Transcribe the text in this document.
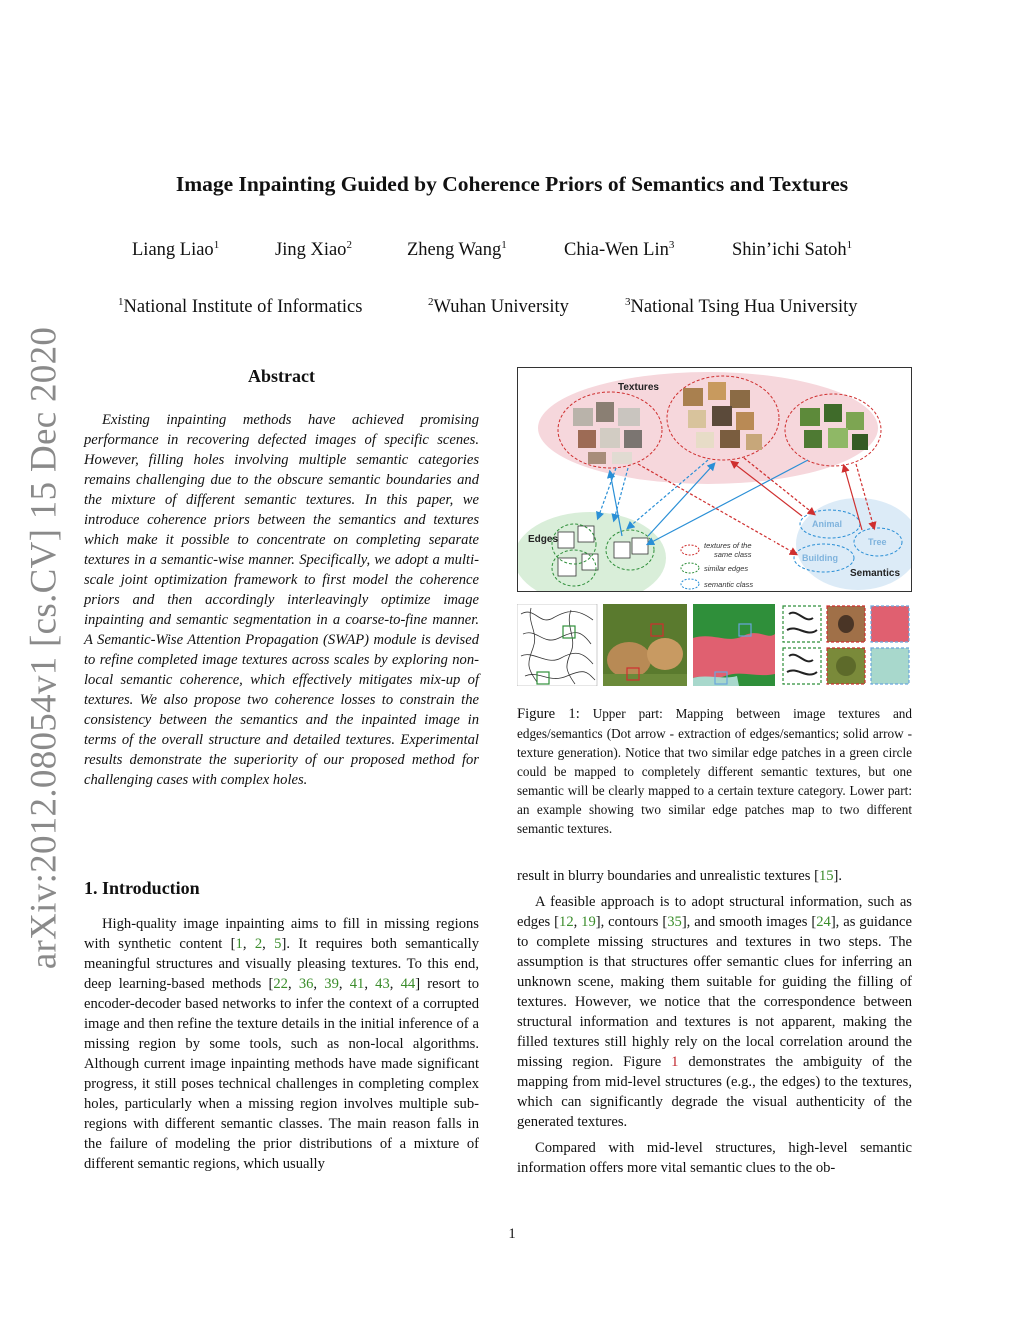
arXiv:2012.08054v1 [cs.CV] 15 Dec 2020
Image Inpainting Guided by Coherence Priors of Semantics and Textures
Liang Liao$^1$	Jing Xiao$^2$	Zheng Wang$^1$	Chia-Wen Lin$^3$	Shin’ichi Satoh$^1$
$^1$National Institute of Informatics	$^2$Wuhan University	$^3$National Tsing Hua University
Abstract

Existing inpainting methods have achieved promising performance in recovering defected images of specific scenes. However, filling holes involving multiple semantic categories remains challenging due to the obscure semantic boundaries and the mixture of different semantic textures. In this paper, we introduce coherence priors between the semantics and textures which make it possible to concentrate on completing separate textures in a semantic-wise manner. Specifically, we adopt a multi-scale joint optimization framework to first model the coherence priors and then accordingly interleavingly optimize image inpainting and semantic segmentation in a coarse-to-fine manner. A Semantic-Wise Attention Propagation (SWAP) module is devised to refine completed image textures across scales by exploring non-local semantic coherence, which effectively mitigates mix-up of textures. We also propose two coherence losses to constrain the consistency between the semantics and the inpainted image in terms of the overall structure and detailed textures. Experimental results demonstrate the superiority of our proposed method for challenging cases with complex holes.

1. Introduction

High-quality image inpainting aims to fill in missing regions with synthetic content [1, 2, 5]. It requires both semantically meaningful structures and visually pleasing textures. To this end, deep learning-based methods [22, 36, 39, 41, 43, 44] resort to encoder-decoder based networks to infer the context of a corrupted image and then refine the texture details in the initial inference of a missing region by some tools, such as non-local algorithms. Although current image inpainting methods have made significant progress, it still poses technical challenges in completing complex holes, particularly when a missing region involves multiple sub-regions with different semantic classes. The main reason falls in the failure of modeling the prior distributions of a mixture of different semantic regions, which usually

Textures
Edges
Semantics
Animal
Tree
Building
textures of the
same class
similar edges
semantic class

Figure 1: Upper part: Mapping between image textures and edges/semantics (Dot arrow - extraction of edges/semantics; solid arrow - texture generation). Notice that two similar edge patches in a green circle could be mapped to completely different semantic textures, but one semantic will be clearly mapped to a certain texture category. Lower part: an example showing two similar edge patches map to two different semantic textures.

result in blurry boundaries and unrealistic textures [15].

A feasible approach is to adopt structural information, such as edges [12, 19], contours [35], and smooth images [24], as guidance to complete missing structures and textures in two steps. The assumption is that structures offer semantic clues for inferring an unknown scene, making them suitable for guiding the filling of textures. However, we notice that the correspondence between structural information and textures is not apparent, making the filled textures still highly rely on the local correlation around the missing region. Figure 1 demonstrates the ambiguity of the mapping from mid-level structures (e.g., the edges) to the textures, which can significantly degrade the visual authenticity of the generated textures.

Compared with mid-level structures, high-level semantic information offers more vital semantic clues to the ob-

1
